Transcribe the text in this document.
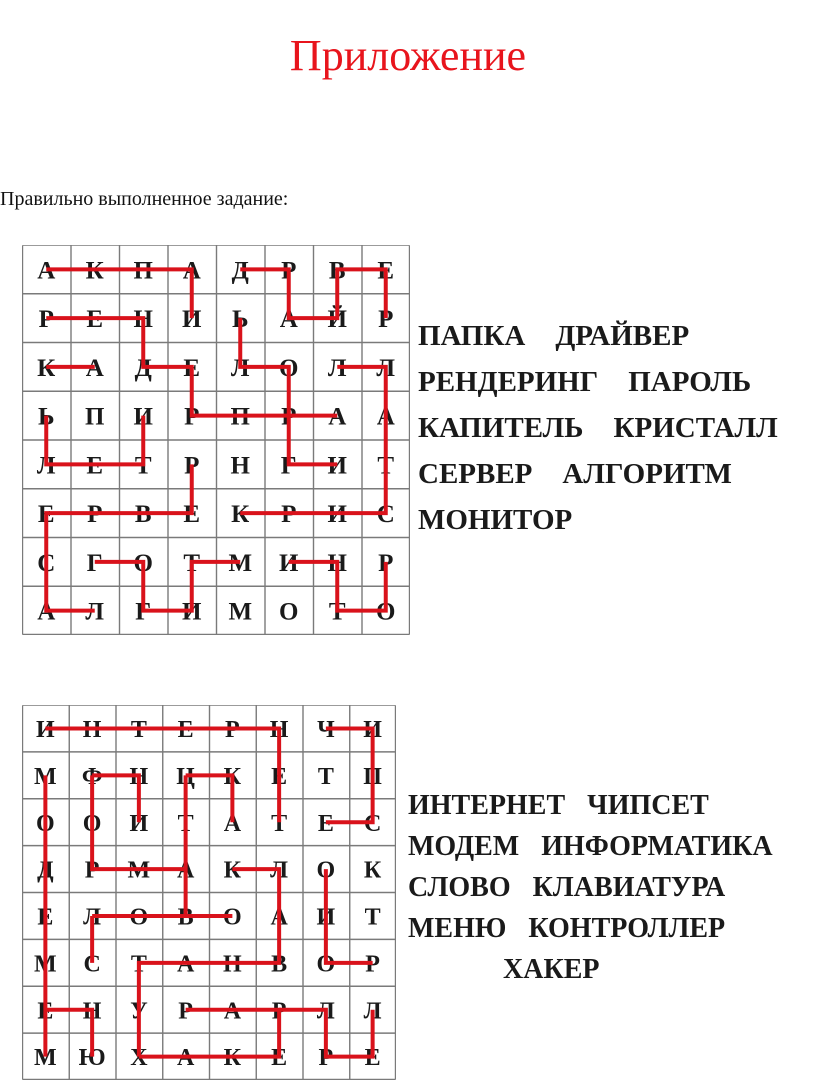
Приложение
Правильно выполненное задание:
А К П А Д Р В Е
Р Е Н И Ь А Й Р
К А Д Е Л О Л Л
Ь П И Р П Р А А
Л Е Т Р Н Г И Т
Е Р В Е К Р И С
С Г О Т М И Н Р
А Л Г И М О Т О
И Н Т Е Р Н Ч И
М Ф Н Ц К Е Т П
О О И Т А Т Е С
Д Р М А К Л О К
Е Л О В О А И Т
М С Т А Н В О Р
Е Н У Р А Р Л Л
М Ю Х А К Е Р Е
ПАПКА ДРАЙВЕР
РЕНДЕРИНГ ПАРОЛЬ
КАПИТЕЛЬ КРИСТАЛЛ
СЕРВЕР АЛГОРИТМ
МОНИТОР
ИНТЕРНЕТ ЧИПСЕТ
МОДЕМ ИНФОРМАТИКА
СЛОВО КЛАВИАТУРА
МЕНЮ КОНТРОЛЛЕР
ХАКЕР
